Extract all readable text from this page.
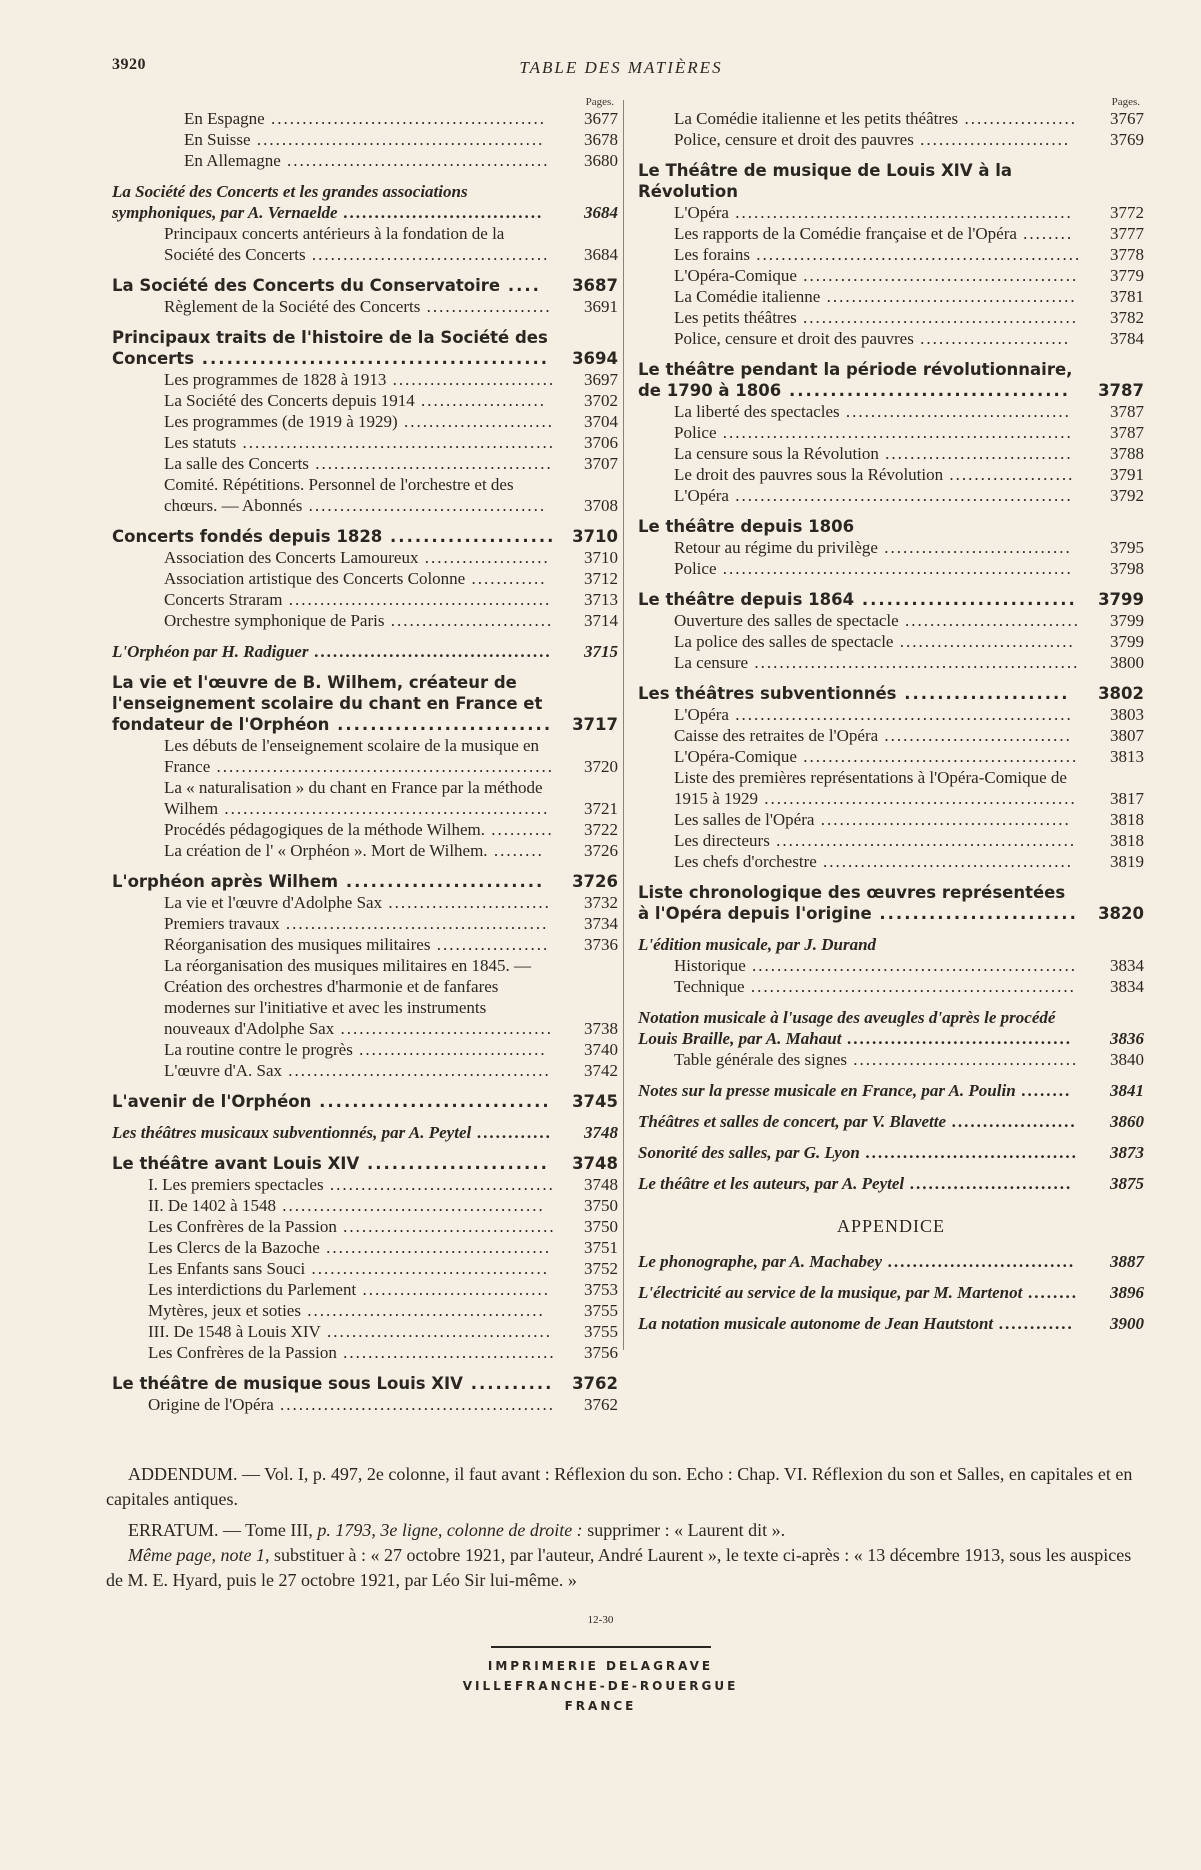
3920	TABLE DES MATIÈRES
Pages.
En Espagne ............................................	3677
En Suisse ..............................................	3678
En Allemagne ..........................................	3680
La Société des Concerts et les grandes associations symphoniques, par A. Vernaelde ................................	3684
Principaux concerts antérieurs à la fondation de la Société des Concerts ......................................	3684
La Société des Concerts du Conservatoire ....	3687
Règlement de la Société des Concerts ....................	3691
Principaux traits de l'histoire de la Société des Concerts ..........................................	3694
Les programmes de 1828 à 1913 ..........................	3697
La Société des Concerts depuis 1914 ....................	3702
Les programmes (de 1919 à 1929) ........................	3704
Les statuts ..................................................	3706
La salle des Concerts ......................................	3707
Comité. Répétitions. Personnel de l'orchestre et des chœurs. — Abonnés ......................................	3708
Concerts fondés depuis 1828 ....................	3710
Association des Concerts Lamoureux ....................	3710
Association artistique des Concerts Colonne ............	3712
Concerts Straram ..........................................	3713
Orchestre symphonique de Paris ..........................	3714
L'Orphéon par H. Radiguer ......................................	3715
La vie et l'œuvre de B. Wilhem, créateur de l'enseignement scolaire du chant en France et fondateur de l'Orphéon ..........................	3717
Les débuts de l'enseignement scolaire de la musique en France ......................................................	3720
La « naturalisation » du chant en France par la méthode Wilhem ....................................................	3721
Procédés pédagogiques de la méthode Wilhem. ..........	3722
La création de l' « Orphéon ». Mort de Wilhem. ........	3726
L'orphéon après Wilhem ........................	3726
La vie et l'œuvre d'Adolphe Sax ..........................	3732
Premiers travaux ..........................................	3734
Réorganisation des musiques militaires ..................	3736
La réorganisation des musiques militaires en 1845. — Création des orchestres d'harmonie et de fanfares modernes sur l'initiative et avec les instruments nouveaux d'Adolphe Sax ..................................	3738
La routine contre le progrès ..............................	3740
L'œuvre d'A. Sax ..........................................	3742
L'avenir de l'Orphéon ............................	3745
Les théâtres musicaux subventionnés, par A. Peytel ............	3748
Le théâtre avant Louis XIV ......................	3748
I. Les premiers spectacles ....................................	3748
II. De 1402 à 1548 ..........................................	3750
Les Confrères de la Passion ..................................	3750
Les Clercs de la Bazoche ....................................	3751
Les Enfants sans Souci ......................................	3752
Les interdictions du Parlement ..............................	3753
Mytères, jeux et soties ......................................	3755
III. De 1548 à Louis XIV ....................................	3755
Les Confrères de la Passion ..................................	3756
Le théâtre de musique sous Louis XIV ..........	3762
Origine de l'Opéra ............................................	3762
Pages.
La Comédie italienne et les petits théâtres ..................	3767
Police, censure et droit des pauvres ........................	3769
Le Théâtre de musique de Louis XIV à la Révolution
L'Opéra ......................................................	3772
Les rapports de la Comédie française et de l'Opéra ........	3777
Les forains ....................................................	3778
L'Opéra-Comique ............................................	3779
La Comédie italienne ........................................	3781
Les petits théâtres ............................................	3782
Police, censure et droit des pauvres ........................	3784
Le théâtre pendant la période révolutionnaire, de 1790 à 1806 ..................................	3787
La liberté des spectacles ....................................	3787
Police ........................................................	3787
La censure sous la Révolution ..............................	3788
Le droit des pauvres sous la Révolution ....................	3791
L'Opéra ......................................................	3792
Le théâtre depuis 1806
Retour au régime du privilège ..............................	3795
Police ........................................................	3798
Le théâtre depuis 1864 ..........................	3799
Ouverture des salles de spectacle ............................	3799
La police des salles de spectacle ............................	3799
La censure ....................................................	3800
Les théâtres subventionnés ....................	3802
L'Opéra ......................................................	3803
Caisse des retraites de l'Opéra ..............................	3807
L'Opéra-Comique ............................................	3813
Liste des premières représentations à l'Opéra-Comique de 1915 à 1929 ..................................................	3817
Les salles de l'Opéra ........................................	3818
Les directeurs ................................................	3818
Les chefs d'orchestre ........................................	3819
Liste chronologique des œuvres représentées à l'Opéra depuis l'origine ........................	3820
L'édition musicale, par J. Durand
Historique ....................................................	3834
Technique ....................................................	3834
Notation musicale à l'usage des aveugles d'après le procédé Louis Braille, par A. Mahaut ....................................	3836
Table générale des signes ....................................	3840
Notes sur la presse musicale en France, par A. Poulin ........	3841
Théâtres et salles de concert, par V. Blavette ....................	3860
Sonorité des salles, par G. Lyon ..................................	3873
Le théâtre et les auteurs, par A. Peytel ..........................	3875
APPENDICE
Le phonographe, par A. Machabey ..............................	3887
L'électricité au service de la musique, par M. Martenot ........	3896
La notation musicale autonome de Jean Hautstont ............	3900

ADDENDUM. — Vol. I, p. 497, 2e colonne, il faut avant : Réflexion du son. Echo : Chap. VI. Réflexion du son et Salles, en capitales et en capitales antiques.

ERRATUM. — Tome III, p. 1793, 3e ligne, colonne de droite : supprimer : « Laurent dit ».

Même page, note 1, substituer à : « 27 octobre 1921, par l'auteur, André Laurent », le texte ci-après : « 13 décembre 1913, sous les auspices de M. E. Hyard, puis le 27 octobre 1921, par Léo Sir lui-même. »

12-30
IMPRIMERIE DELAGRAVE
VILLEFRANCHE-DE-ROUERGUE
FRANCE
